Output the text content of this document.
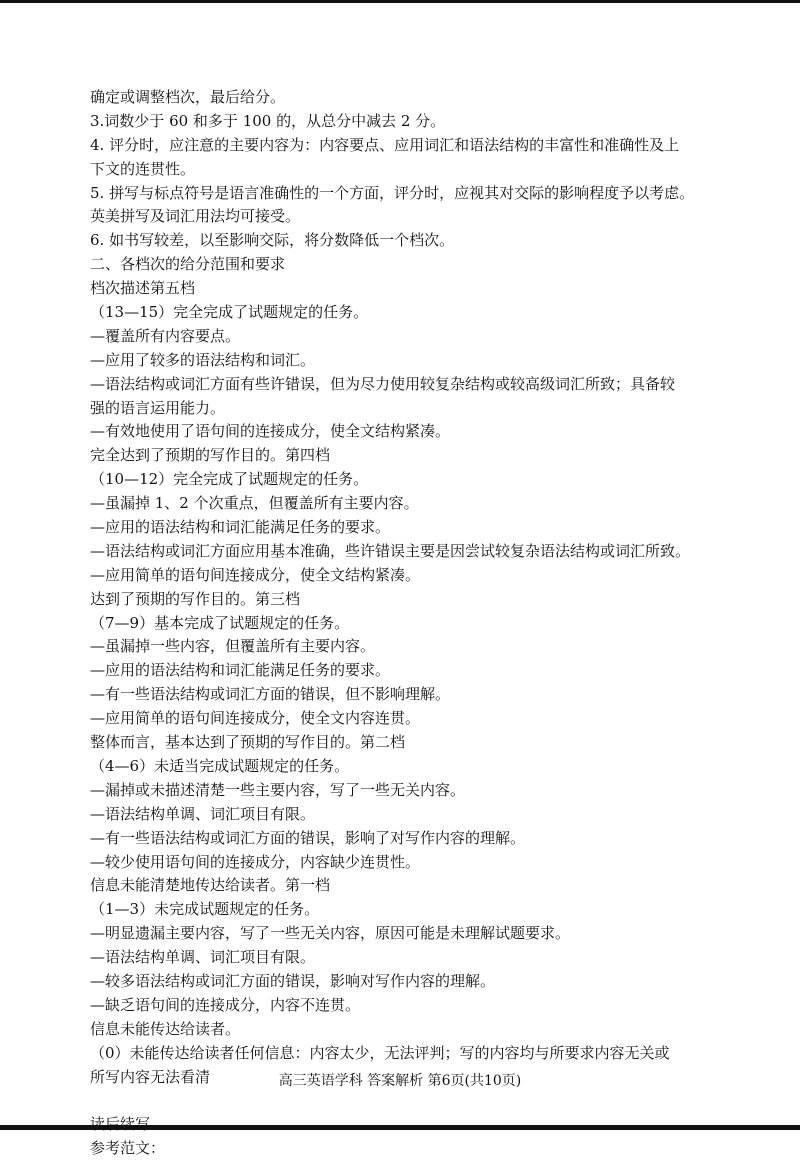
确定或调整档次，最后给分。
3.词数少于 60 和多于 100 的，从总分中减去 2 分。
4. 评分时，应注意的主要内容为：内容要点、应用词汇和语法结构的丰富性和准确性及上
下文的连贯性。
5. 拼写与标点符号是语言准确性的一个方面，评分时，应视其对交际的影响程度予以考虑。
英美拼写及词汇用法均可接受。
6. 如书写较差，以至影响交际，将分数降低一个档次。
二、各档次的给分范围和要求
档次描述第五档
（13—15）完全完成了试题规定的任务。
—覆盖所有内容要点。
—应用了较多的语法结构和词汇。
—语法结构或词汇方面有些许错误，但为尽力使用较复杂结构或较高级词汇所致；具备较
强的语言运用能力。
—有效地使用了语句间的连接成分，使全文结构紧凑。
完全达到了预期的写作目的。第四档
（10—12）完全完成了试题规定的任务。
—虽漏掉 1、2 个次重点，但覆盖所有主要内容。
—应用的语法结构和词汇能满足任务的要求。
—语法结构或词汇方面应用基本准确，些许错误主要是因尝试较复杂语法结构或词汇所致。
—应用简单的语句间连接成分，使全文结构紧凑。
达到了预期的写作目的。第三档
（7—9）基本完成了试题规定的任务。
—虽漏掉一些内容，但覆盖所有主要内容。
—应用的语法结构和词汇能满足任务的要求。
—有一些语法结构或词汇方面的错误，但不影响理解。
—应用简单的语句间连接成分，使全文内容连贯。
整体而言，基本达到了预期的写作目的。第二档
（4—6）未适当完成试题规定的任务。
—漏掉或未描述清楚一些主要内容，写了一些无关内容。
—语法结构单调、词汇项目有限。
—有一些语法结构或词汇方面的错误，影响了对写作内容的理解。
—较少使用语句间的连接成分，内容缺少连贯性。
信息未能清楚地传达给读者。第一档
（1—3）未完成试题规定的任务。
—明显遗漏主要内容，写了一些无关内容，原因可能是未理解试题要求。
—语法结构单调、词汇项目有限。
—较多语法结构或词汇方面的错误，影响对写作内容的理解。
—缺乏语句间的连接成分，内容不连贯。
信息未能传达给读者。
（0）未能传达给读者任何信息：内容太少，无法评判；写的内容均与所要求内容无关或
所写内容无法看清
参考范文：
高三英语学科 答案解析 第6页(共10页)
